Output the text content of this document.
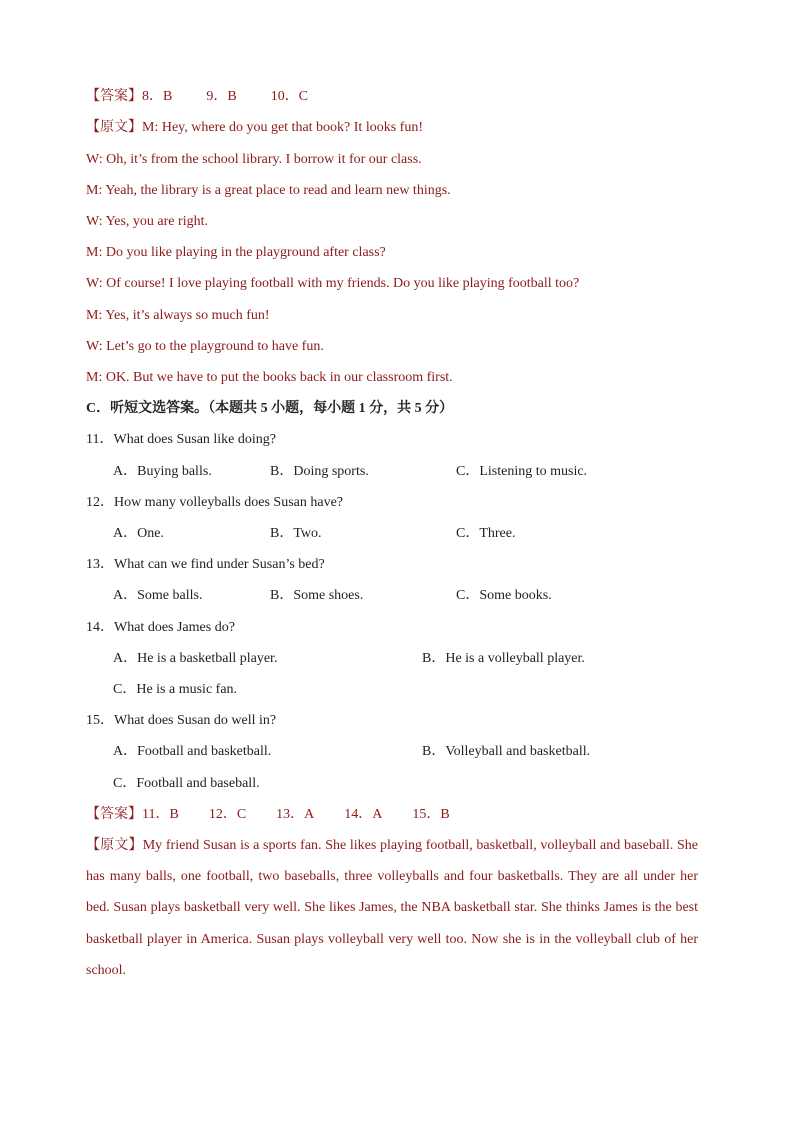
【答案】8．B 9．B 10．C
【原文】M: Hey, where do you get that book? It looks fun!
W: Oh, it’s from the school library. I borrow it for our class.
M: Yeah, the library is a great place to read and learn new things.
W: Yes, you are right.
M: Do you like playing in the playground after class?
W: Of course! I love playing football with my friends. Do you like playing football too?
M: Yes, it’s always so much fun!
W: Let’s go to the playground to have fun.
M: OK. But we have to put the books back in our classroom first.
C．听短文选答案。（本题共 5 小题，每小题 1 分，共 5 分）
11．What does Susan like doing?
A．Buying balls.	B．Doing sports.	C．Listening to music.
12．How many volleyballs does Susan have?
A．One.	B．Two.	C．Three.
13．What can we find under Susan’s bed?
A．Some balls.	B．Some shoes.	C．Some books.
14．What does James do?
A．He is a basketball player.	B．He is a volleyball player.
C．He is a music fan.
15．What does Susan do well in?
A．Football and basketball.	B．Volleyball and basketball.
C．Football and baseball.
【答案】11．B 12．C 13．A 14．A 15．B
【原文】My friend Susan is a sports fan. She likes playing football, basketball, volleyball and baseball. She has many balls, one football, two baseballs, three volleyballs and four basketballs. They are all under her bed. Susan plays basketball very well. She likes James, the NBA basketball star. She thinks James is the best basketball player in America. Susan plays volleyball very well too. Now she is in the volleyball club of her school.
